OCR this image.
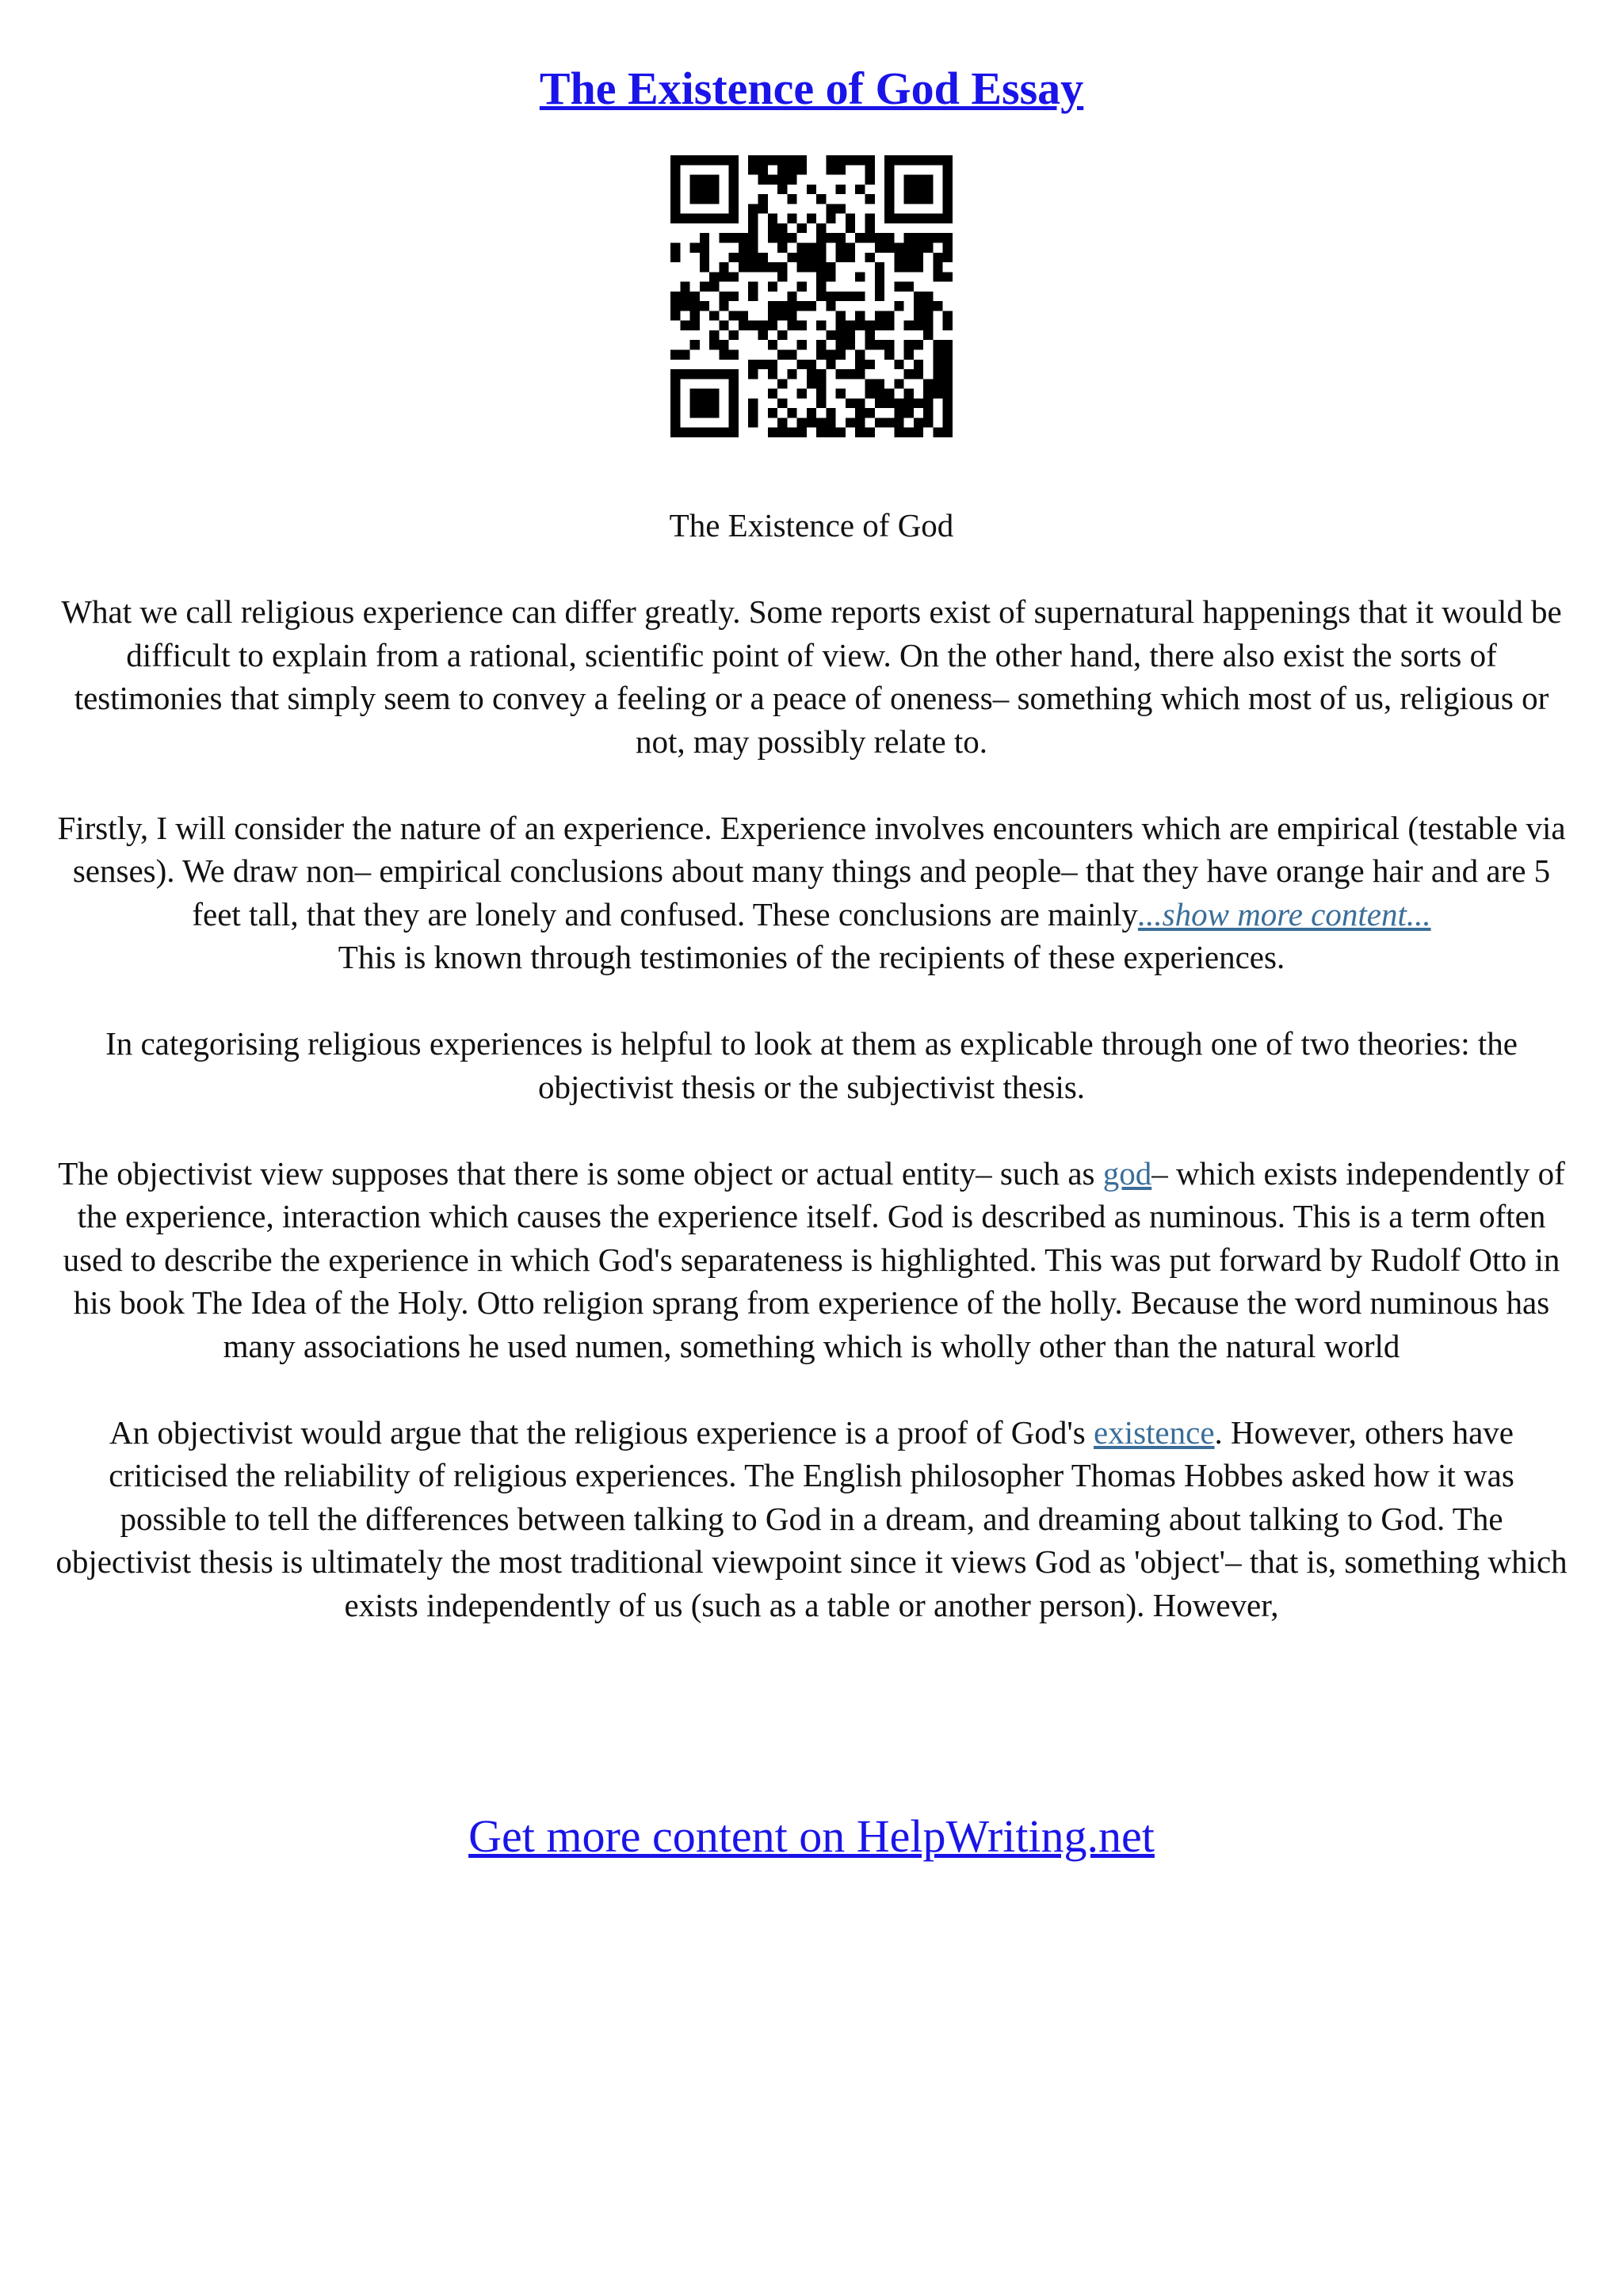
The Existence of God Essay

The Existence of God

What we call religious experience can differ greatly. Some reports exist of supernatural happenings that it would be difficult to explain from a rational, scientific point of view. On the other hand, there also exist the sorts of testimonies that simply seem to convey a feeling or a peace of oneness– something which most of us, religious or not, may possibly relate to.

Firstly, I will consider the nature of an experience. Experience involves encounters which are empirical (testable via senses). We draw non– empirical conclusions about many things and people– that they have orange hair and are 5 feet tall, that they are lonely and confused. These conclusions are mainly...show more content...
This is known through testimonies of the recipients of these experiences.

In categorising religious experiences is helpful to look at them as explicable through one of two theories: the objectivist thesis or the subjectivist thesis.

The objectivist view supposes that there is some object or actual entity– such as god– which exists independently of the experience, interaction which causes the experience itself. God is described as numinous. This is a term often used to describe the experience in which God's separateness is highlighted. This was put forward by Rudolf Otto in his book The Idea of the Holy. Otto religion sprang from experience of the holly. Because the word numinous has many associations he used numen, something which is wholly other than the natural world

An objectivist would argue that the religious experience is a proof of God's existence. However, others have criticised the reliability of religious experiences. The English philosopher Thomas Hobbes asked how it was possible to tell the differences between talking to God in a dream, and dreaming about talking to God. The objectivist thesis is ultimately the most traditional viewpoint since it views God as 'object'– that is, something which exists independently of us (such as a table or another person). However,

Get more content on HelpWriting.net
